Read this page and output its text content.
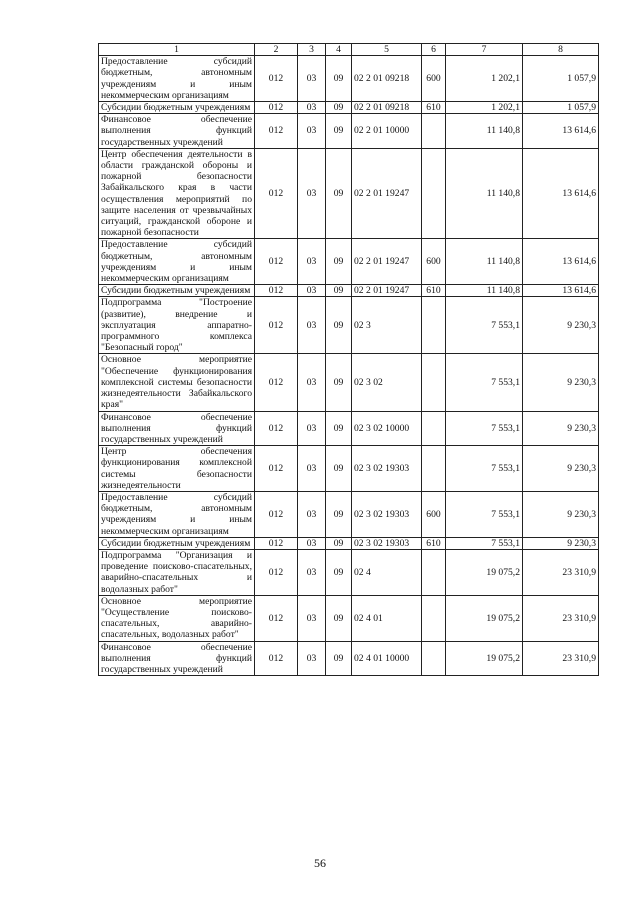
1	2	3	4	5	6	7	8
Предоставление субсидий бюджетным, автономным учреждениям и иным некоммерческим организациям	012	03	09	02 2 01 09218	600	1 202,1	1 057,9
Субсидии бюджетным учреждениям	012	03	09	02 2 01 09218	610	1 202,1	1 057,9
Финансовое обеспечение выполнения функций государственных учреждений	012	03	09	02 2 01 10000		11 140,8	13 614,6
Центр обеспечения деятельности в области гражданской обороны и пожарной безопасности Забайкальского края в части осуществления мероприятий по защите населения от чрезвычайных ситуаций, гражданской обороне и пожарной безопасности	012	03	09	02 2 01 19247		11 140,8	13 614,6
Предоставление субсидий бюджетным, автономным учреждениям и иным некоммерческим организациям	012	03	09	02 2 01 19247	600	11 140,8	13 614,6
Субсидии бюджетным учреждениям	012	03	09	02 2 01 19247	610	11 140,8	13 614,6
Подпрограмма "Построение (развитие), внедрение и эксплуатация аппаратно-программного комплекса "Безопасный город"	012	03	09	02 3		7 553,1	9 230,3
Основное мероприятие "Обеспечение функционирования комплексной системы безопасности жизнедеятельности Забайкальского края"	012	03	09	02 3 02		7 553,1	9 230,3
Финансовое обеспечение выполнения функций государственных учреждений	012	03	09	02 3 02 10000		7 553,1	9 230,3
Центр обеспечения функционирования комплексной системы безопасности жизнедеятельности	012	03	09	02 3 02 19303		7 553,1	9 230,3
Предоставление субсидий бюджетным, автономным учреждениям и иным некоммерческим организациям	012	03	09	02 3 02 19303	600	7 553,1	9 230,3
Субсидии бюджетным учреждениям	012	03	09	02 3 02 19303	610	7 553,1	9 230,3
Подпрограмма "Организация и проведение поисково-спасательных, аварийно-спасательных и водолазных работ"	012	03	09	02 4		19 075,2	23 310,9
Основное мероприятие "Осуществление поисково-спасательных, аварийно-спасательных, водолазных работ"	012	03	09	02 4 01		19 075,2	23 310,9
Финансовое обеспечение выполнения функций государственных учреждений	012	03	09	02 4 01 10000		19 075,2	23 310,9
56
